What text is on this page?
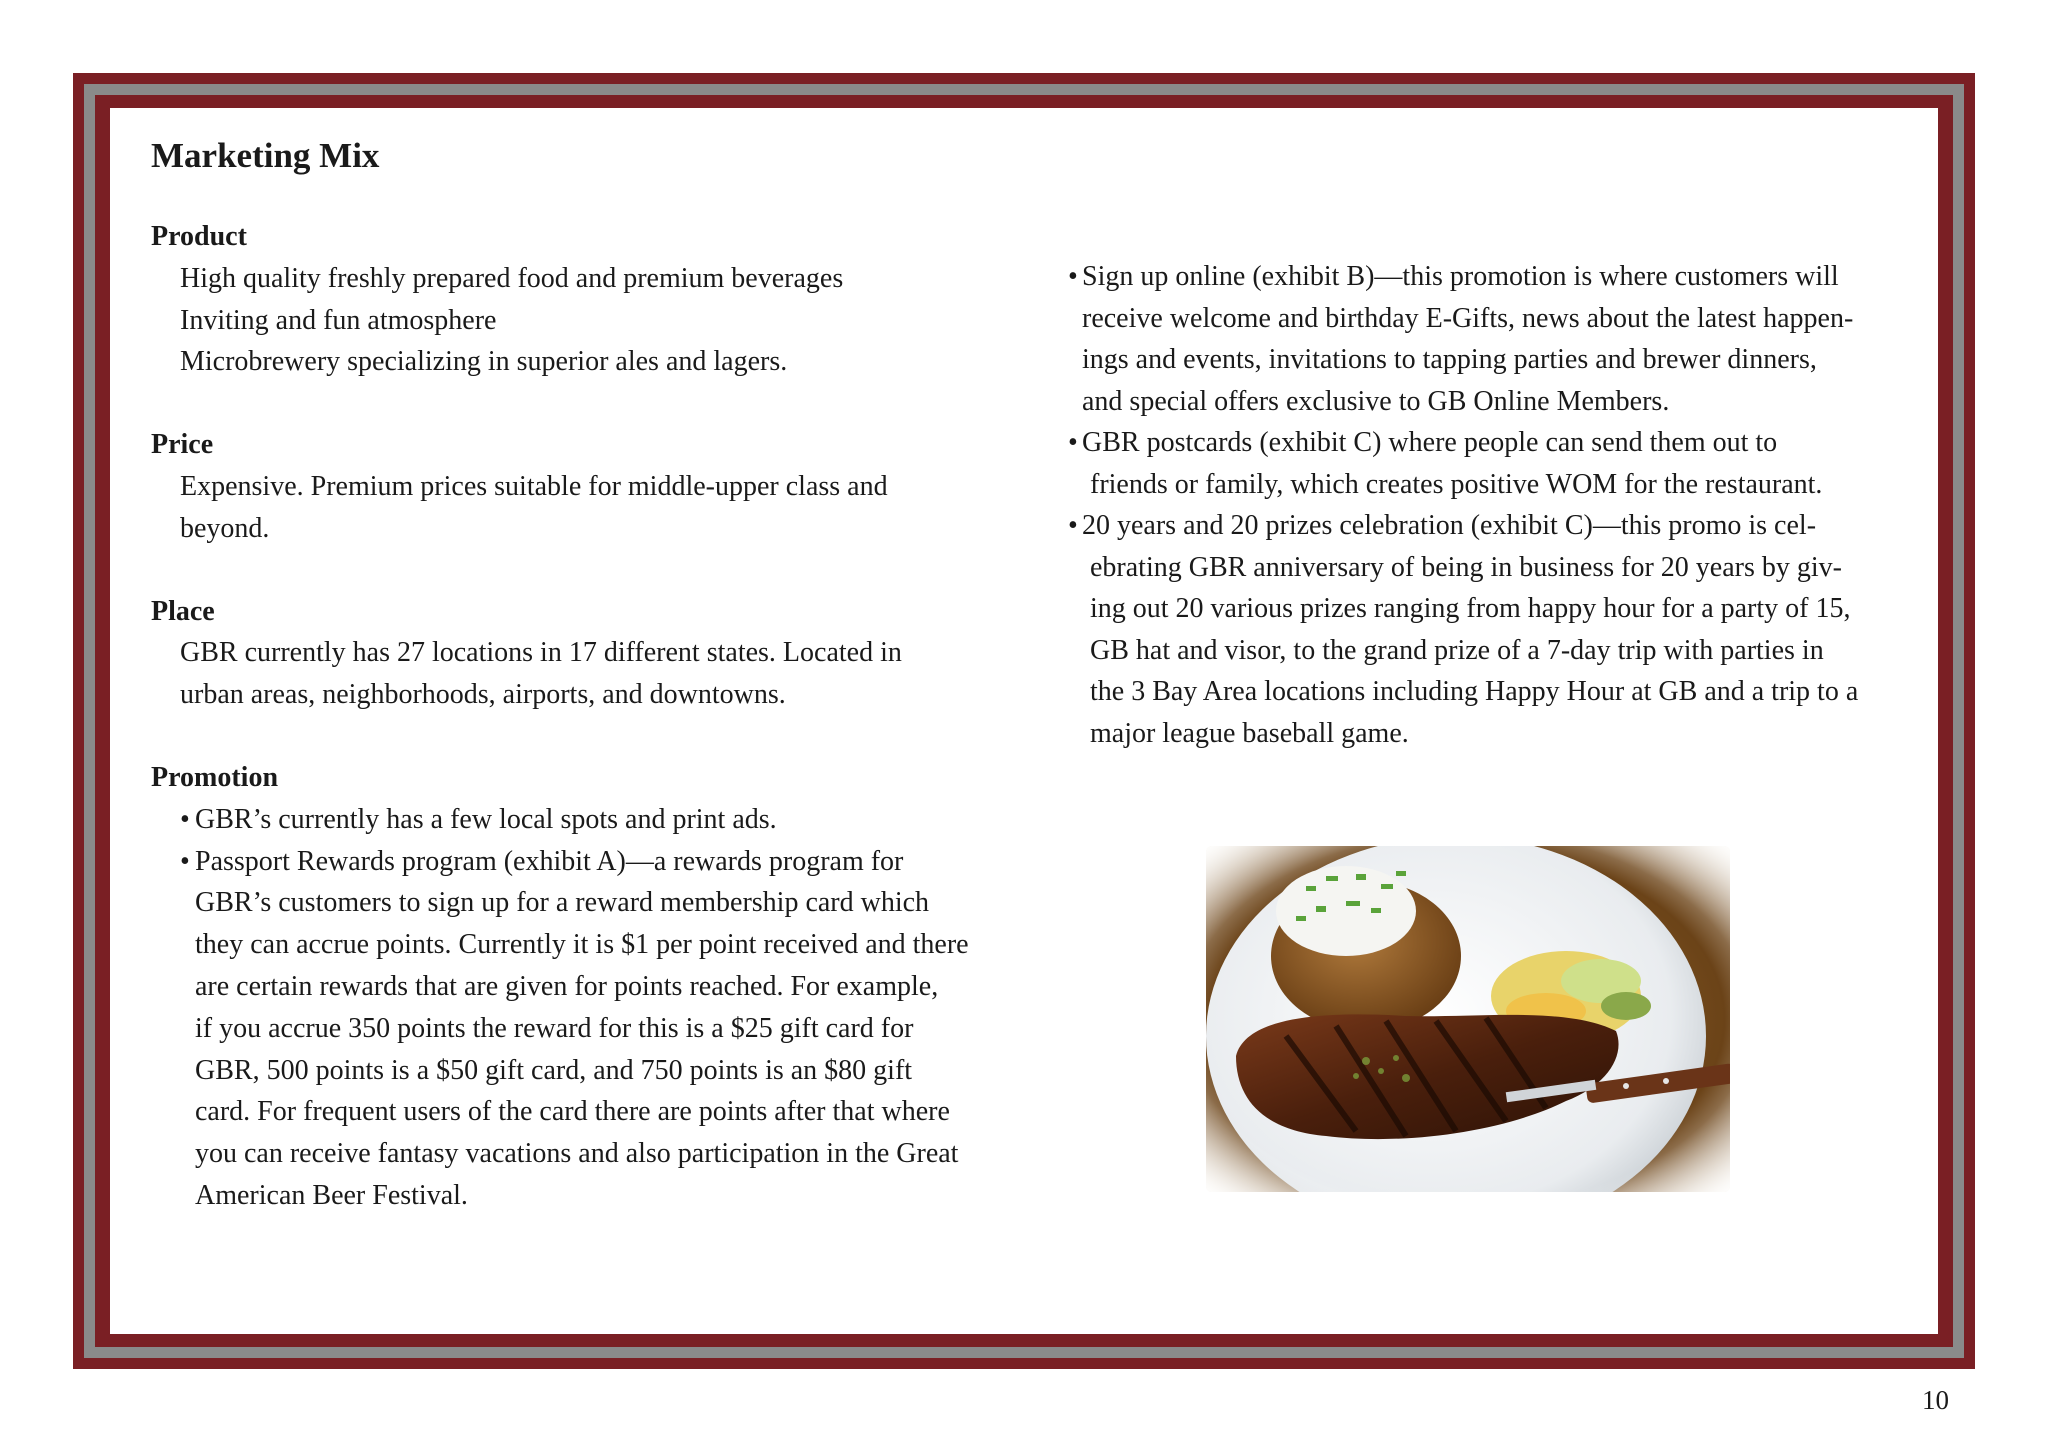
Marketing Mix

Product

High quality freshly prepared food and premium beverages

Inviting and fun atmosphere

Microbrewery specializing in superior ales and lagers.

Price

Expensive. Premium prices suitable for middle-upper class and

beyond.

Place

GBR currently has 27 locations in 17 different states. Located in

urban areas, neighborhoods, airports, and downtowns.

Promotion

• GBR’s currently has a few local spots and print ads.
• Passport Rewards program (exhibit A)—a rewards program for
GBR’s customers to sign up for a reward membership card which
they can accrue points. Currently it is $1 per point received and there
are certain rewards that are given for points reached. For example,
if you accrue 350 points the reward for this is a $25 gift card for
GBR, 500 points is a $50 gift card, and 750 points is an $80 gift
card. For frequent users of the card there are points after that where
you can receive fantasy vacations and also participation in the Great
American Beer Festival.
• Sign up online (exhibit B)—this promotion is where customers will
receive welcome and birthday E-Gifts, news about the latest happen-
ings and events, invitations to tapping parties and brewer dinners,
and special offers exclusive to GB Online Members.
• GBR postcards (exhibit C) where people can send them out to
friends or family, which creates positive WOM for the restaurant.
• 20 years and 20 prizes celebration (exhibit C)—this promo is cel-
ebrating GBR anniversary of being in business for 20 years by giv-
ing out 20 various prizes ranging from happy hour for a party of 15,
GB hat and visor, to the grand prize of a 7-day trip with parties in
the 3 Bay Area locations including Happy Hour at GB and a trip to a
major league baseball game.
10
